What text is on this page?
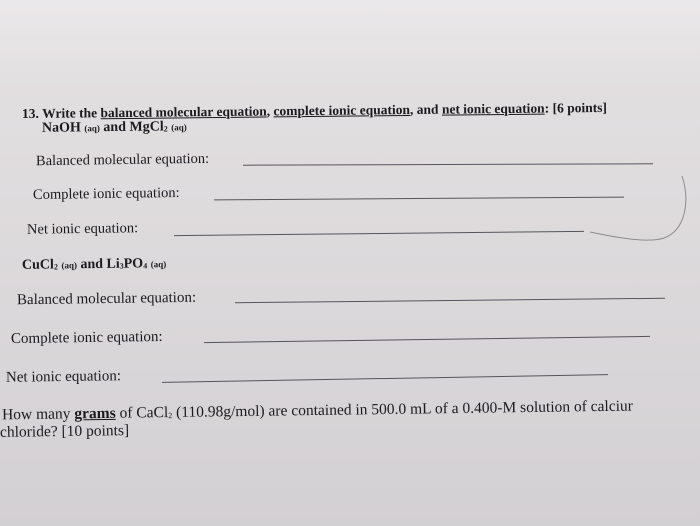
13. Write the balanced molecular equation, complete ionic equation, and net ionic equation: [6 points]
NaOH (aq) and MgCl$_2$ (aq)
Balanced molecular equation:
Complete ionic equation:
Net ionic equation:
CuCl$_2$ (aq) and $Li_3PO_4$ (aq)
Balanced molecular equation:
Complete ionic equation:
Net ionic equation:
How many grams of CaCl$_2$ (110.98g/mol) are contained in 500.0 mL of a 0.400-M solution of calciur
chloride? [10 points]
